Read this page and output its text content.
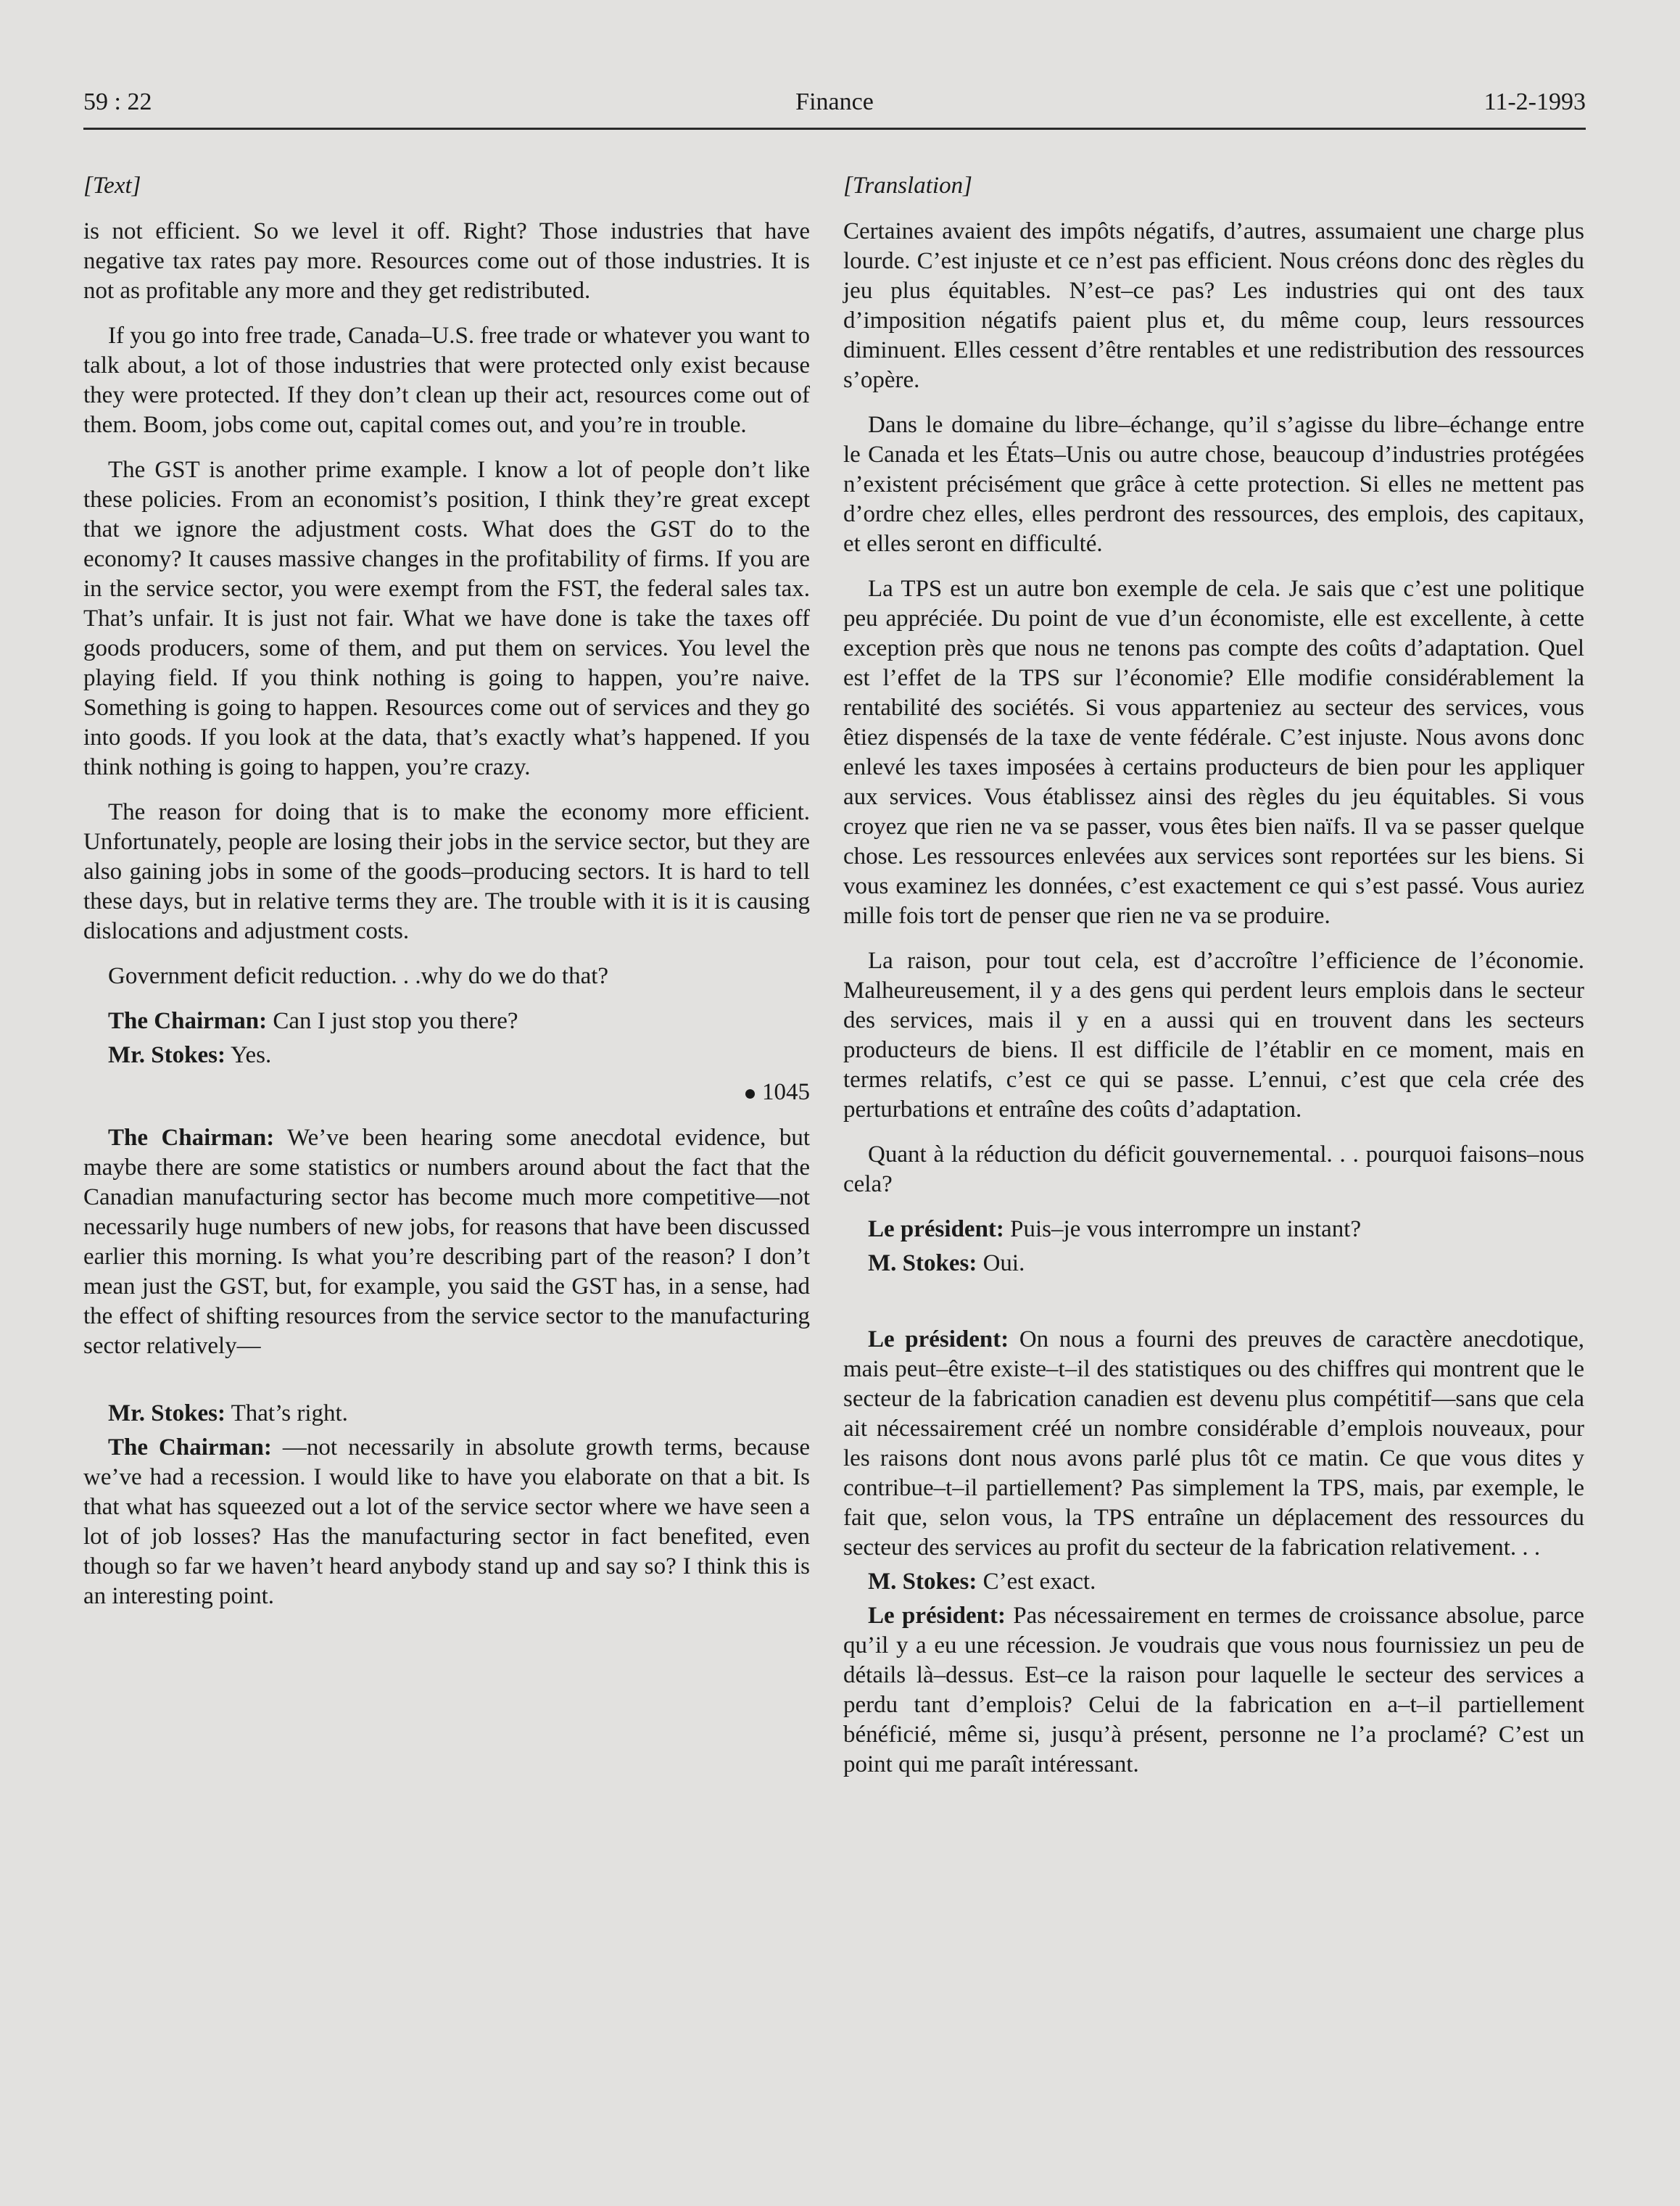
59 : 22	Finance	11-2-1993
[Text]

is not efficient. So we level it off. Right? Those industries that have negative tax rates pay more. Resources come out of those industries. It is not as profitable any more and they get redistributed.

If you go into free trade, Canada–U.S. free trade or whatever you want to talk about, a lot of those industries that were protected only exist because they were protected. If they don’t clean up their act, resources come out of them. Boom, jobs come out, capital comes out, and you’re in trouble.

The GST is another prime example. I know a lot of people don’t like these policies. From an economist’s position, I think they’re great except that we ignore the adjustment costs. What does the GST do to the economy? It causes massive changes in the profitability of firms. If you are in the service sector, you were exempt from the FST, the federal sales tax. That’s unfair. It is just not fair. What we have done is take the taxes off goods producers, some of them, and put them on services. You level the playing field. If you think nothing is going to happen, you’re naive. Something is going to happen. Resources come out of services and they go into goods. If you look at the data, that’s exactly what’s happened. If you think nothing is going to happen, you’re crazy.

The reason for doing that is to make the economy more efficient. Unfortunately, people are losing their jobs in the service sector, but they are also gaining jobs in some of the goods–producing sectors. It is hard to tell these days, but in relative terms they are. The trouble with it is it is causing dislocations and adjustment costs.

Government deficit reduction. . .why do we do that?

The Chairman: Can I just stop you there?

Mr. Stokes: Yes.

1045

The Chairman: We’ve been hearing some anecdotal evidence, but maybe there are some statistics or numbers around about the fact that the Canadian manufacturing sector has become much more competitive—not necessarily huge numbers of new jobs, for reasons that have been discussed earlier this morning. Is what you’re describing part of the reason? I don’t mean just the GST, but, for example, you said the GST has, in a sense, had the effect of shifting resources from the service sector to the manufacturing sector relatively—

Mr. Stokes: That’s right.

The Chairman: —not necessarily in absolute growth terms, because we’ve had a recession. I would like to have you elaborate on that a bit. Is that what has squeezed out a lot of the service sector where we have seen a lot of job losses? Has the manufacturing sector in fact benefited, even though so far we haven’t heard anybody stand up and say so? I think this is an interesting point.

[Translation]

Certaines avaient des impôts négatifs, d’autres, assumaient une charge plus lourde. C’est injuste et ce n’est pas efficient. Nous créons donc des règles du jeu plus équitables. N’est–ce pas? Les industries qui ont des taux d’imposition négatifs paient plus et, du même coup, leurs ressources diminuent. Elles cessent d’être rentables et une redistribution des ressources s’opère.

Dans le domaine du libre–échange, qu’il s’agisse du libre–échange entre le Canada et les États–Unis ou autre chose, beaucoup d’industries protégées n’existent précisément que grâce à cette protection. Si elles ne mettent pas d’ordre chez elles, elles perdront des ressources, des emplois, des capitaux, et elles seront en difficulté.

La TPS est un autre bon exemple de cela. Je sais que c’est une politique peu appréciée. Du point de vue d’un économiste, elle est excellente, à cette exception près que nous ne tenons pas compte des coûts d’adaptation. Quel est l’effet de la TPS sur l’économie? Elle modifie considérablement la rentabilité des sociétés. Si vous apparteniez au secteur des services, vous êtiez dispensés de la taxe de vente fédérale. C’est injuste. Nous avons donc enlevé les taxes imposées à certains producteurs de bien pour les appliquer aux services. Vous établissez ainsi des règles du jeu équitables. Si vous croyez que rien ne va se passer, vous êtes bien naïfs. Il va se passer quelque chose. Les ressources enlevées aux services sont reportées sur les biens. Si vous examinez les données, c’est exactement ce qui s’est passé. Vous auriez mille fois tort de penser que rien ne va se produire.

La raison, pour tout cela, est d’accroître l’efficience de l’économie. Malheureusement, il y a des gens qui perdent leurs emplois dans le secteur des services, mais il y en a aussi qui en trouvent dans les secteurs producteurs de biens. Il est difficile de l’établir en ce moment, mais en termes relatifs, c’est ce qui se passe. L’ennui, c’est que cela crée des perturbations et entraîne des coûts d’adaptation.

Quant à la réduction du déficit gouvernemental. . . pourquoi faisons–nous cela?

Le président: Puis–je vous interrompre un instant?

M. Stokes: Oui.

Le président: On nous a fourni des preuves de caractère anecdotique, mais peut–être existe–t–il des statistiques ou des chiffres qui montrent que le secteur de la fabrication canadien est devenu plus compétitif—sans que cela ait nécessairement créé un nombre considérable d’emplois nouveaux, pour les raisons dont nous avons parlé plus tôt ce matin. Ce que vous dites y contribue–t–il partiellement? Pas simplement la TPS, mais, par exemple, le fait que, selon vous, la TPS entraîne un déplacement des ressources du secteur des services au profit du secteur de la fabrication relativement. . .

M. Stokes: C’est exact.

Le président: Pas nécessairement en termes de croissance absolue, parce qu’il y a eu une récession. Je voudrais que vous nous fournissiez un peu de détails là–dessus. Est–ce la raison pour laquelle le secteur des services a perdu tant d’emplois? Celui de la fabrication en a–t–il partiellement bénéficié, même si, jusqu’à présent, personne ne l’a proclamé? C’est un point qui me paraît intéressant.
